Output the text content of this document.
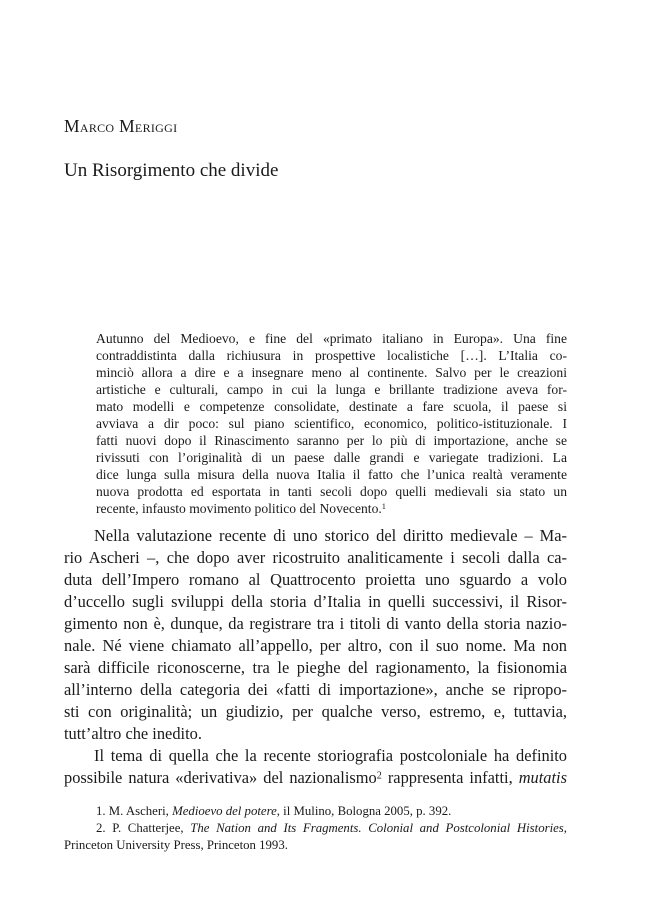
Marco Meriggi
Un Risorgimento che divide
Autunno del Medioevo, e fine del «primato italiano in Europa». Una fine
contraddistinta dalla richiusura in prospettive localistiche […]. L’Italia co-
minciò allora a dire e a insegnare meno al continente. Salvo per le creazioni
artistiche e culturali, campo in cui la lunga e brillante tradizione aveva for-
mato modelli e competenze consolidate, destinate a fare scuola, il paese si
avviava a dir poco: sul piano scientifico, economico, politico-istituzionale. I
fatti nuovi dopo il Rinascimento saranno per lo più di importazione, anche se
rivissuti con l’originalità di un paese dalle grandi e variegate tradizioni. La
dice lunga sulla misura della nuova Italia il fatto che l’unica realtà veramente
nuova prodotta ed esportata in tanti secoli dopo quelli medievali sia stato un
recente, infausto movimento politico del Novecento.$^1$
Nella valutazione recente di uno storico del diritto medievale – Ma-
rio Ascheri –, che dopo aver ricostruito analiticamente i secoli dalla ca-
duta dell’Impero romano al Quattrocento proietta uno sguardo a volo
d’uccello sugli sviluppi della storia d’Italia in quelli successivi, il Risor-
gimento non è, dunque, da registrare tra i titoli di vanto della storia nazio-
nale. Né viene chiamato all’appello, per altro, con il suo nome. Ma non
sarà difficile riconoscerne, tra le pieghe del ragionamento, la fisionomia
all’interno della categoria dei «fatti di importazione», anche se ripropo-
sti con originalità; un giudizio, per qualche verso, estremo, e, tuttavia,
tutt’altro che inedito.
Il tema di quella che la recente storiografia postcoloniale ha definito
possibile natura «derivativa» del nazionalismo$^2$ rappresenta infatti, mutatis
1. M. Ascheri, Medioevo del potere, il Mulino, Bologna 2005, p. 392.
2. P. Chatterjee, The Nation and Its Fragments. Colonial and Postcolonial Histories,
Princeton University Press, Princeton 1993.
